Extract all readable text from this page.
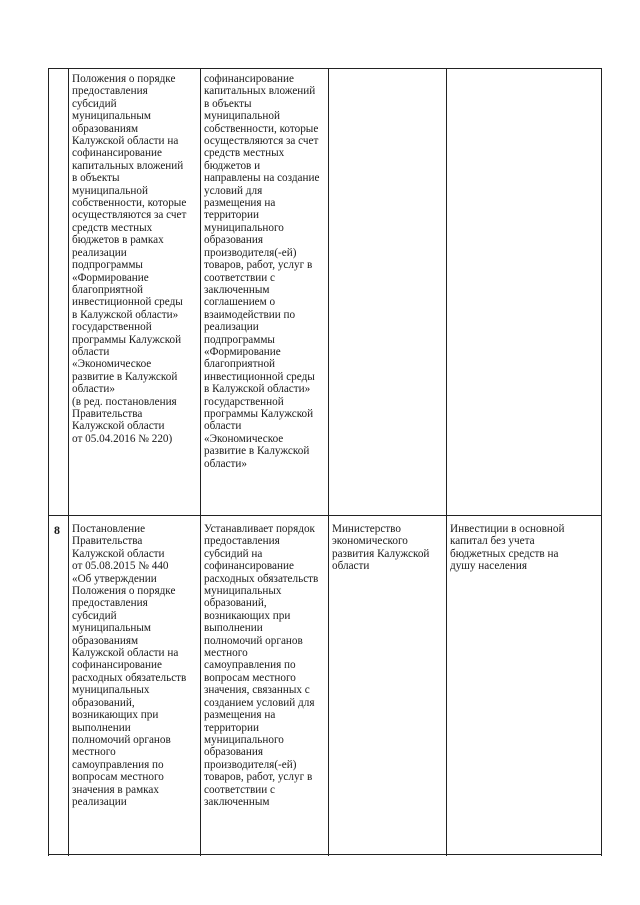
Положения о порядке
предоставления
субсидий
муниципальным
образованиям
Калужской области на
софинансирование
капитальных вложений
в объекты
муниципальной
собственности, которые
осуществляются за счет
средств местных
бюджетов в рамках
реализации
подпрограммы
«Формирование
благоприятной
инвестиционной среды
в Калужской области»
государственной
программы Калужской
области
«Экономическое
развитие в Калужской
области»
(в ред. постановления
Правительства
Калужской области
от 05.04.2016 № 220)
софинансирование
капитальных вложений
в объекты
муниципальной
собственности, которые
осуществляются за счет
средств местных
бюджетов и
направлены на создание
условий для
размещения на
территории
муниципального
образования
производителя(-ей)
товаров, работ, услуг в
соответствии с
заключенным
соглашением о
взаимодействии по
реализации
подпрограммы
«Формирование
благоприятной
инвестиционной среды
в Калужской области»
государственной
программы Калужской
области
«Экономическое
развитие в Калужской
области»
8 Постановление
Правительства
Калужской области
от 05.08.2015 № 440
«Об утверждении
Положения о порядке
предоставления
субсидий
муниципальным
образованиям
Калужской области на
софинансирование
расходных обязательств
муниципальных
образований,
возникающих при
выполнении
полномочий органов
местного
самоуправления по
вопросам местного
значения в рамках
реализации
Устанавливает порядок
предоставления
субсидий на
софинансирование
расходных обязательств
муниципальных
образований,
возникающих при
выполнении
полномочий органов
местного
самоуправления по
вопросам местного
значения, связанных с
созданием условий для
размещения на
территории
муниципального
образования
производителя(-ей)
товаров, работ, услуг в
соответствии с
заключенным
Министерство
экономического
развития Калужской
области
Инвестиции в основной
капитал без учета
бюджетных средств на
душу населения
